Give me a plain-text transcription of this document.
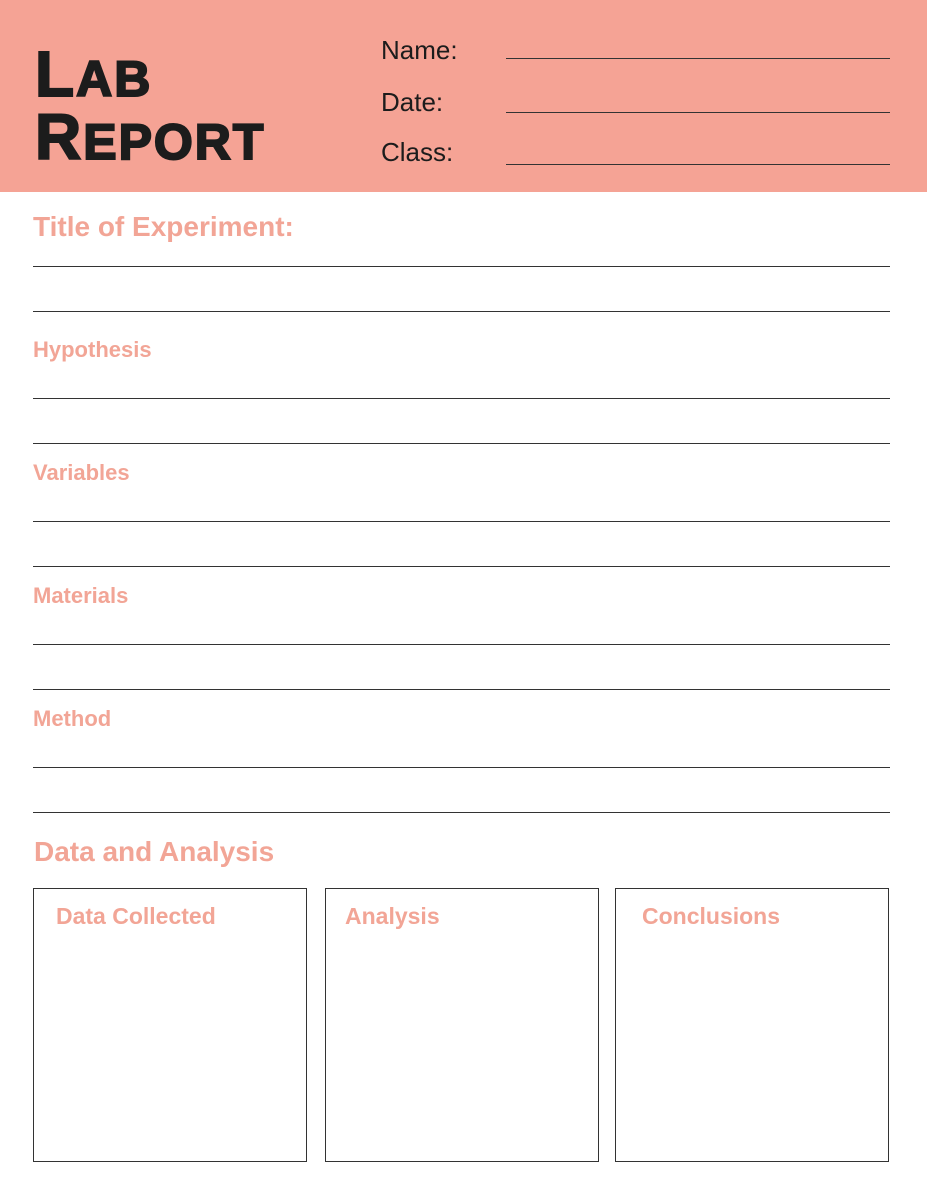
LAB
REPORT
Name:
Date:
Class:
Title of Experiment:
Hypothesis
Variables
Materials
Method
Data and Analysis
Data Collected	Analysis	Conclusions
